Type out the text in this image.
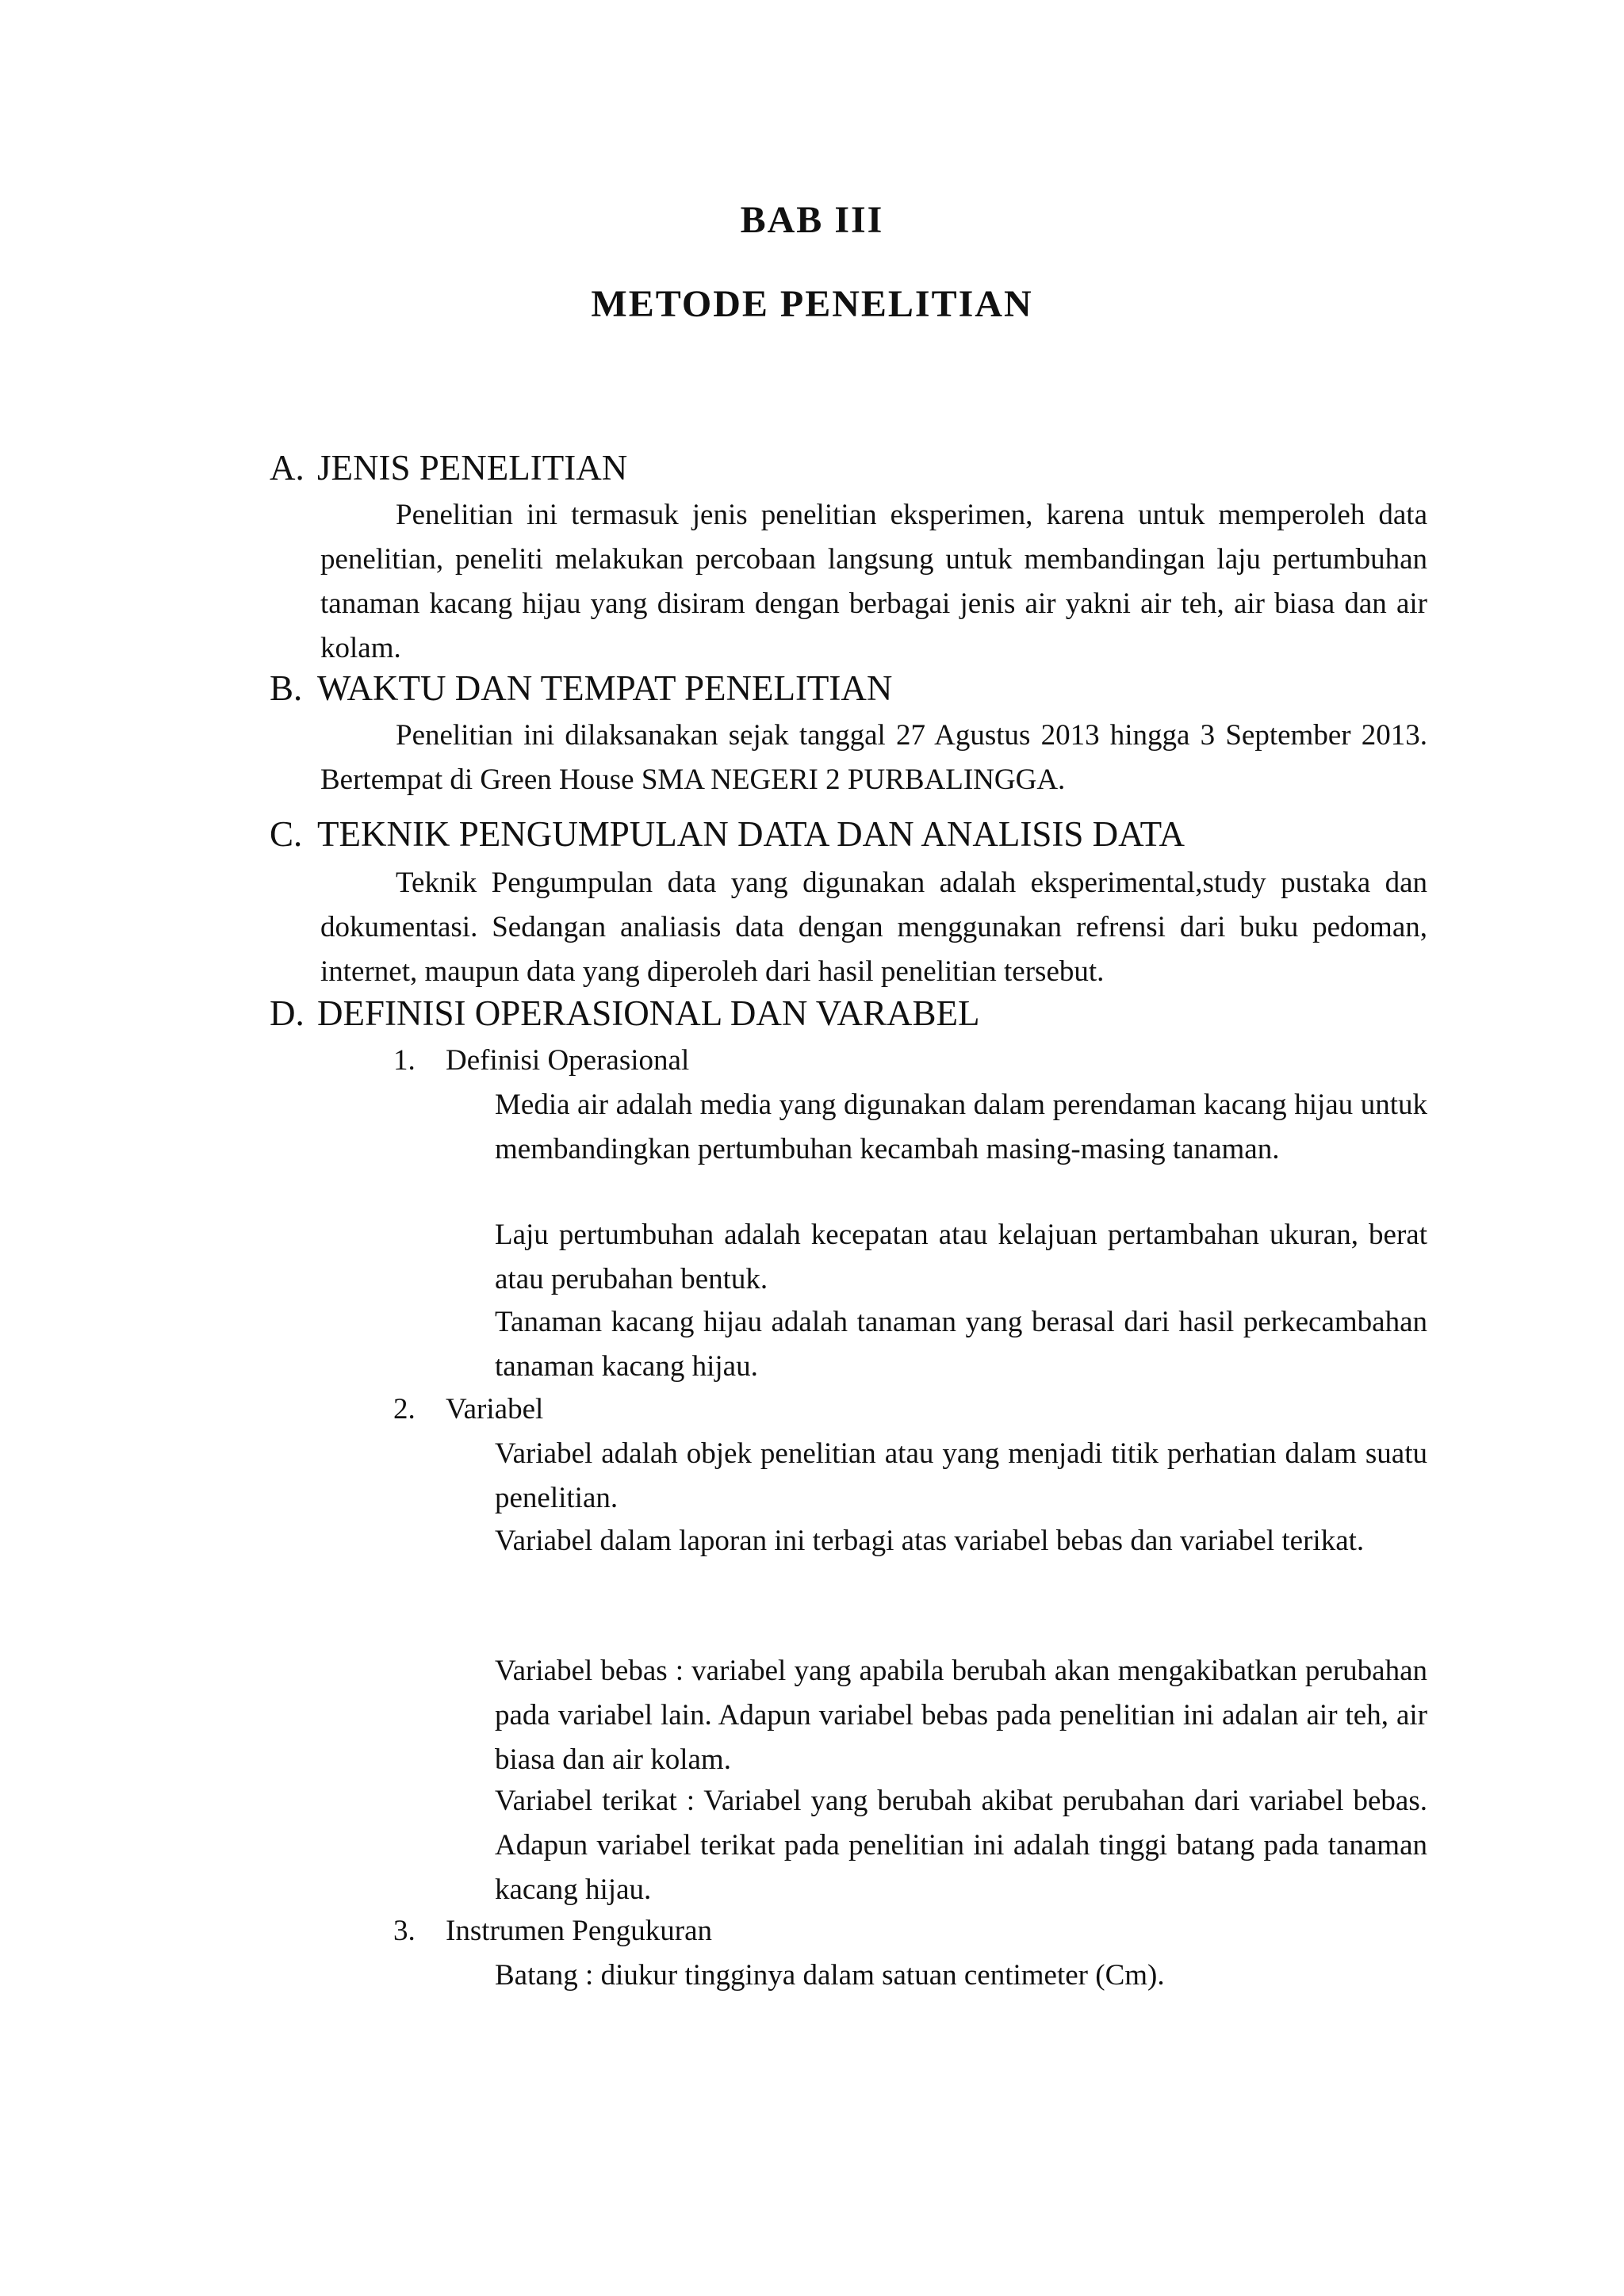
BAB III
METODE PENELITIAN
A. JENIS PENELITIAN
Penelitian ini termasuk jenis penelitian eksperimen, karena untuk memperoleh data penelitian, peneliti melakukan percobaan langsung untuk membandingan laju pertumbuhan tanaman kacang hijau yang disiram dengan berbagai jenis air yakni air teh, air biasa dan air kolam.
B. WAKTU DAN TEMPAT PENELITIAN
Penelitian ini dilaksanakan sejak tanggal 27 Agustus 2013 hingga 3 September 2013. Bertempat di Green House SMA NEGERI 2 PURBALINGGA.
C. TEKNIK PENGUMPULAN DATA DAN ANALISIS DATA
Teknik Pengumpulan data yang digunakan adalah eksperimental,study pustaka dan dokumentasi. Sedangan analiasis data dengan menggunakan refrensi dari buku pedoman, internet, maupun data yang diperoleh dari hasil penelitian tersebut.
D. DEFINISI OPERASIONAL DAN VARABEL
1. Definisi Operasional
Media air adalah media yang digunakan dalam perendaman kacang hijau untuk membandingkan pertumbuhan kecambah masing-masing tanaman.
Laju pertumbuhan adalah kecepatan atau kelajuan pertambahan ukuran, berat atau perubahan bentuk.
Tanaman kacang hijau adalah tanaman yang berasal dari hasil perkecambahan tanaman kacang hijau.
2. Variabel
Variabel adalah objek penelitian atau yang menjadi titik perhatian dalam suatu penelitian.
Variabel dalam laporan ini terbagi atas variabel bebas dan variabel terikat.
Variabel bebas : variabel yang apabila berubah akan mengakibatkan perubahan pada variabel lain. Adapun variabel bebas pada penelitian ini adalan air teh, air biasa dan air kolam.
Variabel terikat : Variabel yang berubah akibat perubahan dari variabel bebas. Adapun variabel terikat pada penelitian ini adalah tinggi batang pada tanaman kacang hijau.
3. Instrumen Pengukuran
Batang : diukur tingginya dalam satuan centimeter (Cm).
